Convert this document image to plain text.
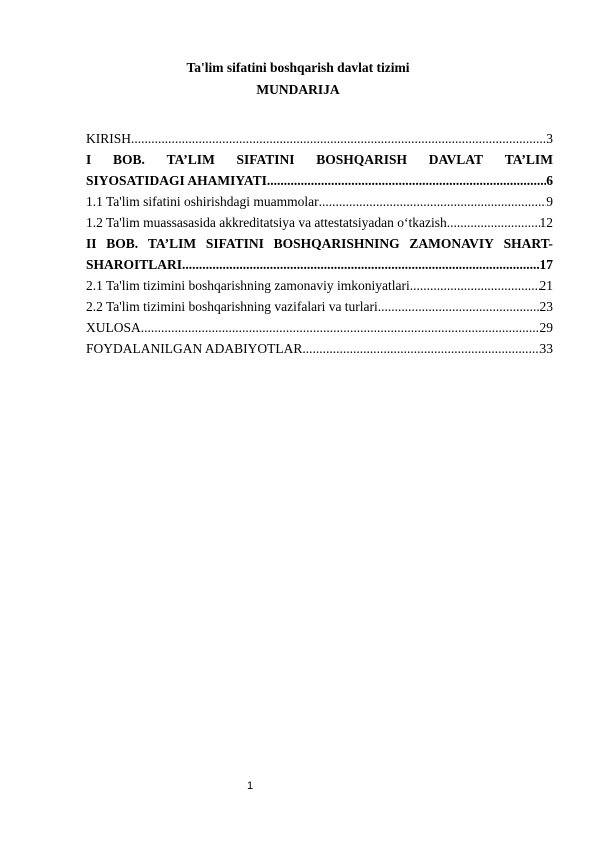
Ta'lim sifatini boshqarish davlat tizimi
MUNDARIJA
KIRISH .....	3
I BOB. TA’LIM SIFATINI BOSHQARISH DAVLAT TA’LIM
SIYOSATIDAGI AHAMIYATI .....	6
1.1 Ta'lim sifatini oshirishdagi muammolar .....	9
1.2 Ta'lim muassasasida akkreditatsiya va attestatsiyadan o‘tkazish .....	12
II BOB. TA’LIM SIFATINI BOSHQARISHNING ZAMONAVIY SHART-
SHAROITLARI .....	17
2.1 Ta'lim tizimini boshqarishning zamonaviy imkoniyatlari .....	21
2.2 Ta'lim tizimini boshqarishning vazifalari va turlari .....	23
XULOSA .....	29
FOYDALANILGAN ADABIYOTLAR .....	33
1
